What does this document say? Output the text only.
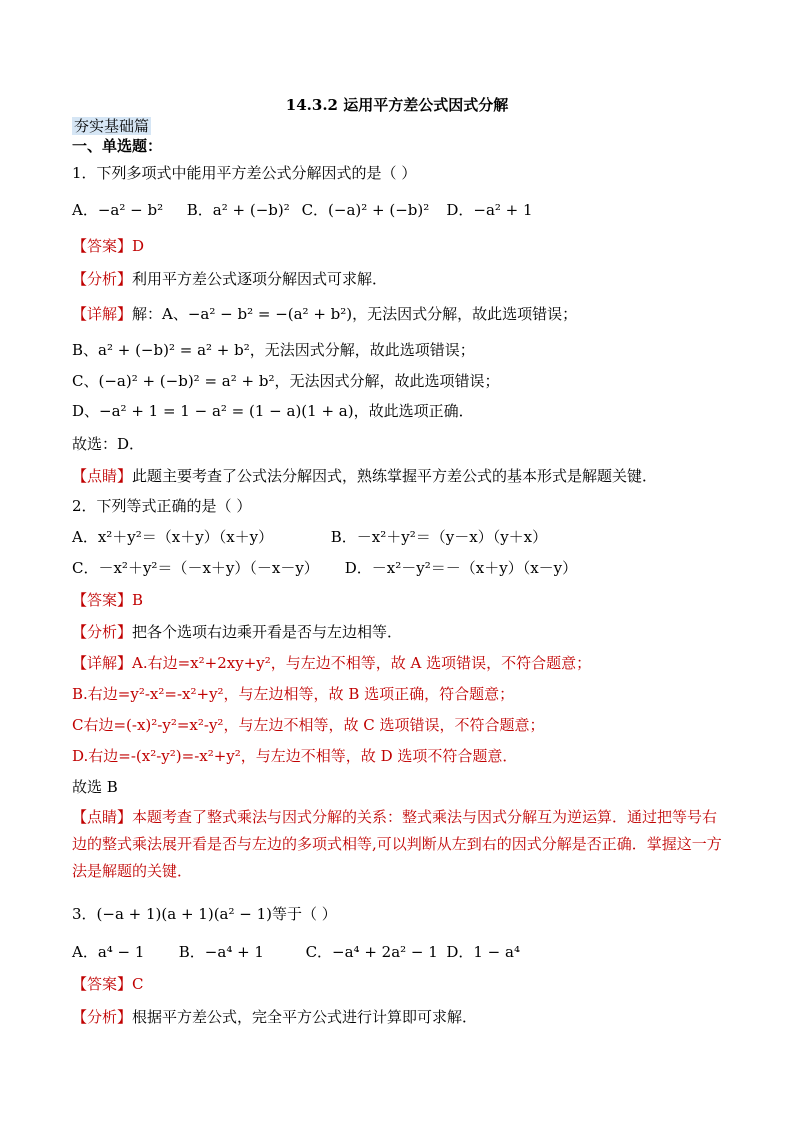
14.3.2 运用平方差公式因式分解
夯实基础篇
一、单选题：
1．下列多项式中能用平方差公式分解因式的是（ ）
A．−a² − b² B．a² + (−b)² C．(−a)² + (−b)² D．−a² + 1
【答案】D
【分析】利用平方差公式逐项分解因式可求解．
【详解】解：A、−a² − b² = −(a² + b²)，无法因式分解，故此选项错误；
B、a² + (−b)² = a² + b²，无法因式分解，故此选项错误；
C、(−a)² + (−b)² = a² + b²，无法因式分解，故此选项错误；
D、−a² + 1 = 1 − a² = (1 − a)(1 + a)，故此选项正确．
故选：D．
【点睛】此题主要考查了公式法分解因式，熟练掌握平方差公式的基本形式是解题关键．
2．下列等式正确的是（ ）
A．x²＋y²＝（x＋y）（x＋y）	B．－x²＋y²＝（y－x）（y＋x）
C．－x²＋y²＝（－x＋y）（－x－y） D．－x²－y²＝－（x＋y）（x－y）
【答案】B
【分析】把各个选项右边乘开看是否与左边相等．
【详解】A.右边=x²+2xy+y²，与左边不相等，故 A 选项错误，不符合题意；
B.右边=y²-x²=-x²+y²，与左边相等，故 B 选项正确，符合题意；
C右边=(-x)²-y²=x²-y²，与左边不相等，故 C 选项错误，不符合题意；
D.右边=-(x²-y²)=-x²+y²，与左边不相等，故 D 选项不符合题意．
故选 B
【点睛】本题考查了整式乘法与因式分解的关系：整式乘法与因式分解互为逆运算．通过把等号右边的整式乘法展开看是否与左边的多项式相等,可以判断从左到右的因式分解是否正确．掌握这一方法是解题的关键．
3．(−a + 1)(a + 1)(a² − 1)等于（ ）
A．a⁴ − 1 B．−a⁴ + 1	C．−a⁴ + 2a² − 1 D．1 − a⁴
【答案】C
【分析】根据平方差公式，完全平方公式进行计算即可求解．
